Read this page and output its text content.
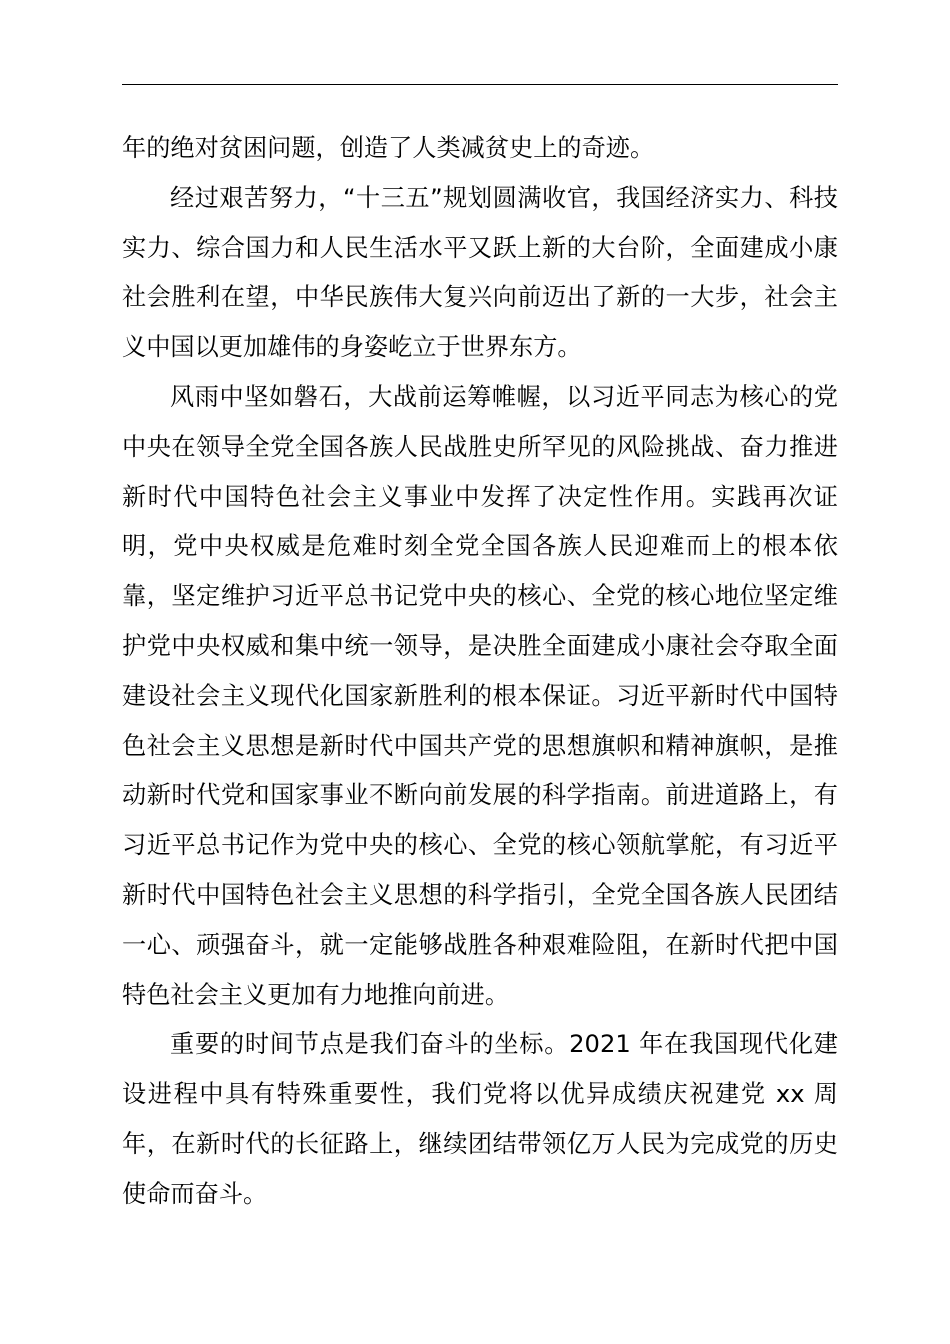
年的绝对贫困问题，创造了人类减贫史上的奇迹。

经过艰苦努力，“十三五”规划圆满收官，我国经济实力、科技实力、综合国力和人民生活水平又跃上新的大台阶，全面建成小康社会胜利在望，中华民族伟大复兴向前迈出了新的一大步，社会主义中国以更加雄伟的身姿屹立于世界东方。

风雨中坚如磐石，大战前运筹帷幄，以习近平同志为核心的党中央在领导全党全国各族人民战胜史所罕见的风险挑战、奋力推进新时代中国特色社会主义事业中发挥了决定性作用。实践再次证明，党中央权威是危难时刻全党全国各族人民迎难而上的根本依靠，坚定维护习近平总书记党中央的核心、全党的核心地位坚定维护党中央权威和集中统一领导，是决胜全面建成小康社会夺取全面建设社会主义现代化国家新胜利的根本保证。习近平新时代中国特色社会主义思想是新时代中国共产党的思想旗帜和精神旗帜，是推动新时代党和国家事业不断向前发展的科学指南。前进道路上，有习近平总书记作为党中央的核心、全党的核心领航掌舵，有习近平新时代中国特色社会主义思想的科学指引，全党全国各族人民团结一心、顽强奋斗，就一定能够战胜各种艰难险阻，在新时代把中国特色社会主义更加有力地推向前进。

重要的时间节点是我们奋斗的坐标。2021 年在我国现代化建设进程中具有特殊重要性，我们党将以优异成绩庆祝建党 xx 周年，在新时代的长征路上，继续团结带领亿万人民为完成党的历史使命而奋斗。
